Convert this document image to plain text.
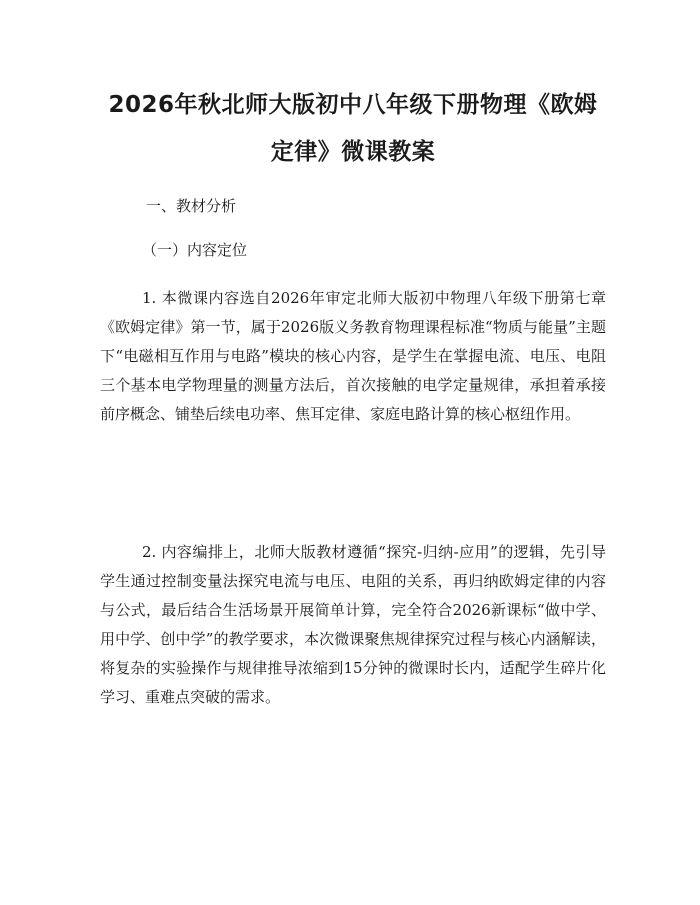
2026年秋北师大版初中八年级下册物理《欧姆定律》微课教案

一、教材分析

（一）内容定位

1. 本微课内容选自2026年审定北师大版初中物理八年级下册第七章《欧姆定律》第一节，属于2026版义务教育物理课程标准“物质与能量”主题下“电磁相互作用与电路”模块的核心内容，是学生在掌握电流、电压、电阻三个基本电学物理量的测量方法后，首次接触的电学定量规律，承担着承接前序概念、铺垫后续电功率、焦耳定律、家庭电路计算的核心枢纽作用。

2. 内容编排上，北师大版教材遵循“探究-归纳-应用”的逻辑，先引导学生通过控制变量法探究电流与电压、电阻的关系，再归纳欧姆定律的内容与公式，最后结合生活场景开展简单计算，完全符合2026新课标“做中学、用中学、创中学”的教学要求，本次微课聚焦规律探究过程与核心内涵解读，将复杂的实验操作与规律推导浓缩到15分钟的微课时长内，适配学生碎片化学习、重难点突破的需求。
